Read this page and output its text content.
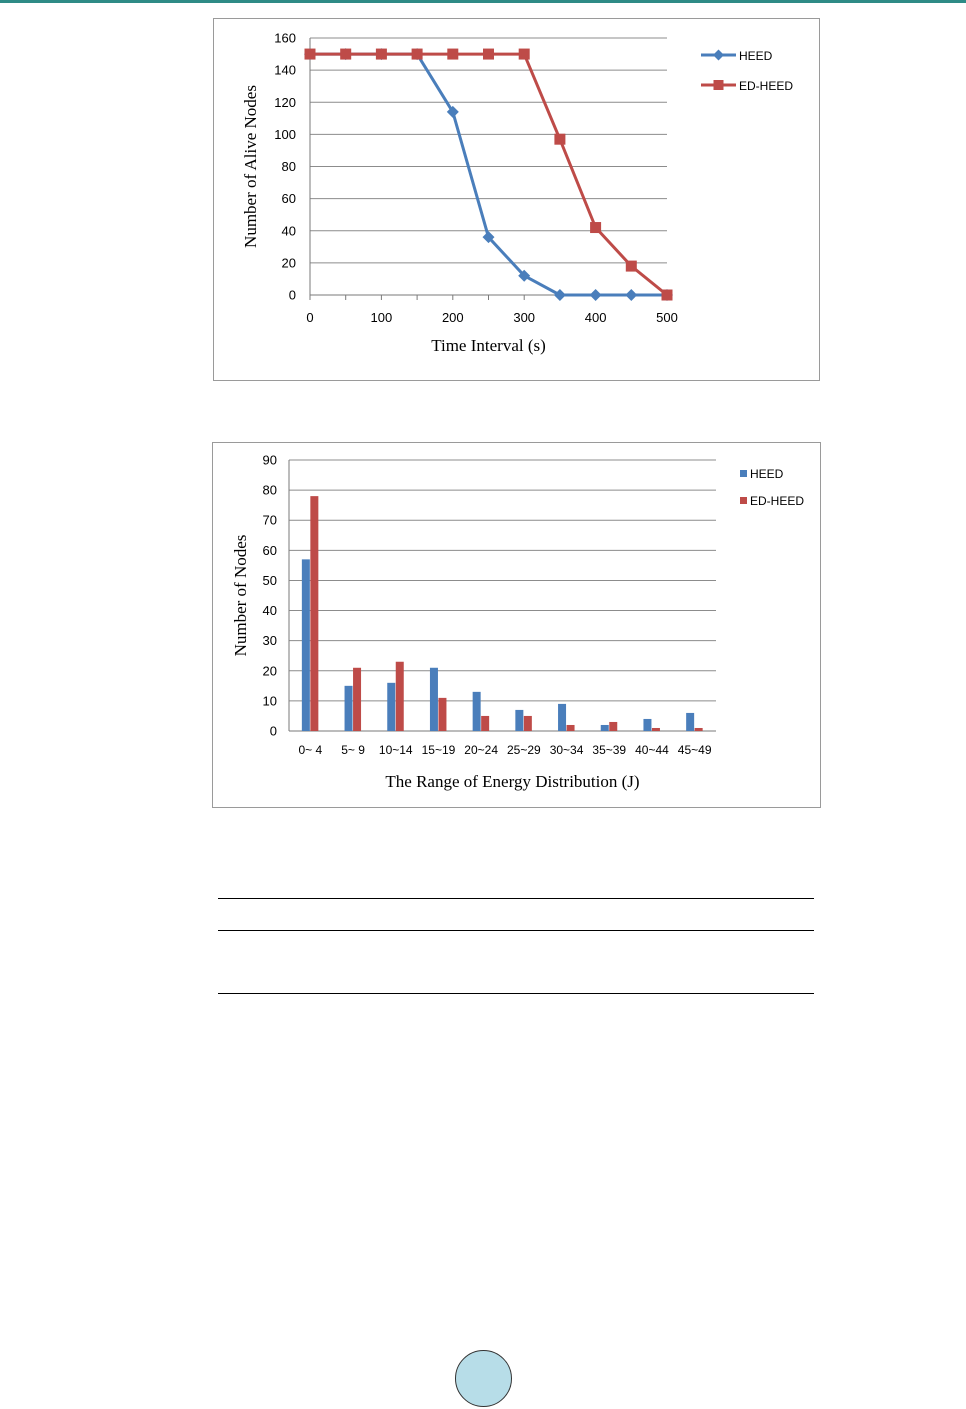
0
20
40
60
80
100
120
140
160
0	100	200	300	400	500
Time Interval (s)
Number of Alive Nodes
HEED
ED-HEED
0
10
20
30
40
50
60
70
80
90
0~ 4 5~ 9 10~14 15~19 20~24 25~29 30~34 35~39 40~44 45~49
The Range of Energy Distribution (J)
Number of Nodes
HEED
ED-HEED
